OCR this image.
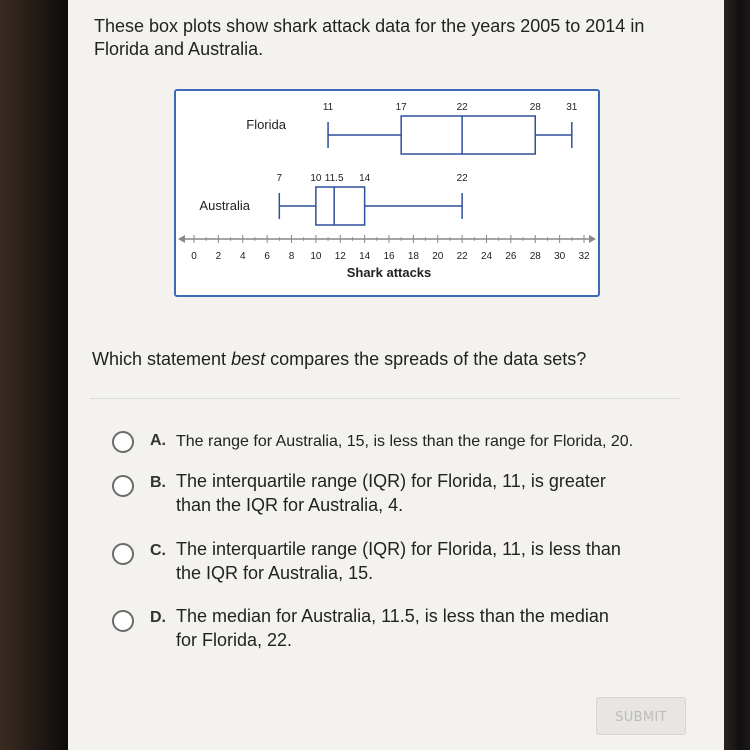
These box plots show shark attack data for the years 2005 to 2014 in Florida and Australia.
0 2 4 6 8 10 12 14 16 18 20 22 24 26 28 30 32
Shark attacks
Florida
11	17	22	28	31
Australia
7	10 11.5 14	22
Which statement best compares the spreads of the data sets?
A. The range for Australia, 15, is less than the range for Florida, 20.
B. The interquartile range (IQR) for Florida, 11, is greater
than the IQR for Australia, 4.
C. The interquartile range (IQR) for Florida, 11, is less than
the IQR for Australia, 15.
D. The median for Australia, 11.5, is less than the median
for Florida, 22.
SUBMIT
